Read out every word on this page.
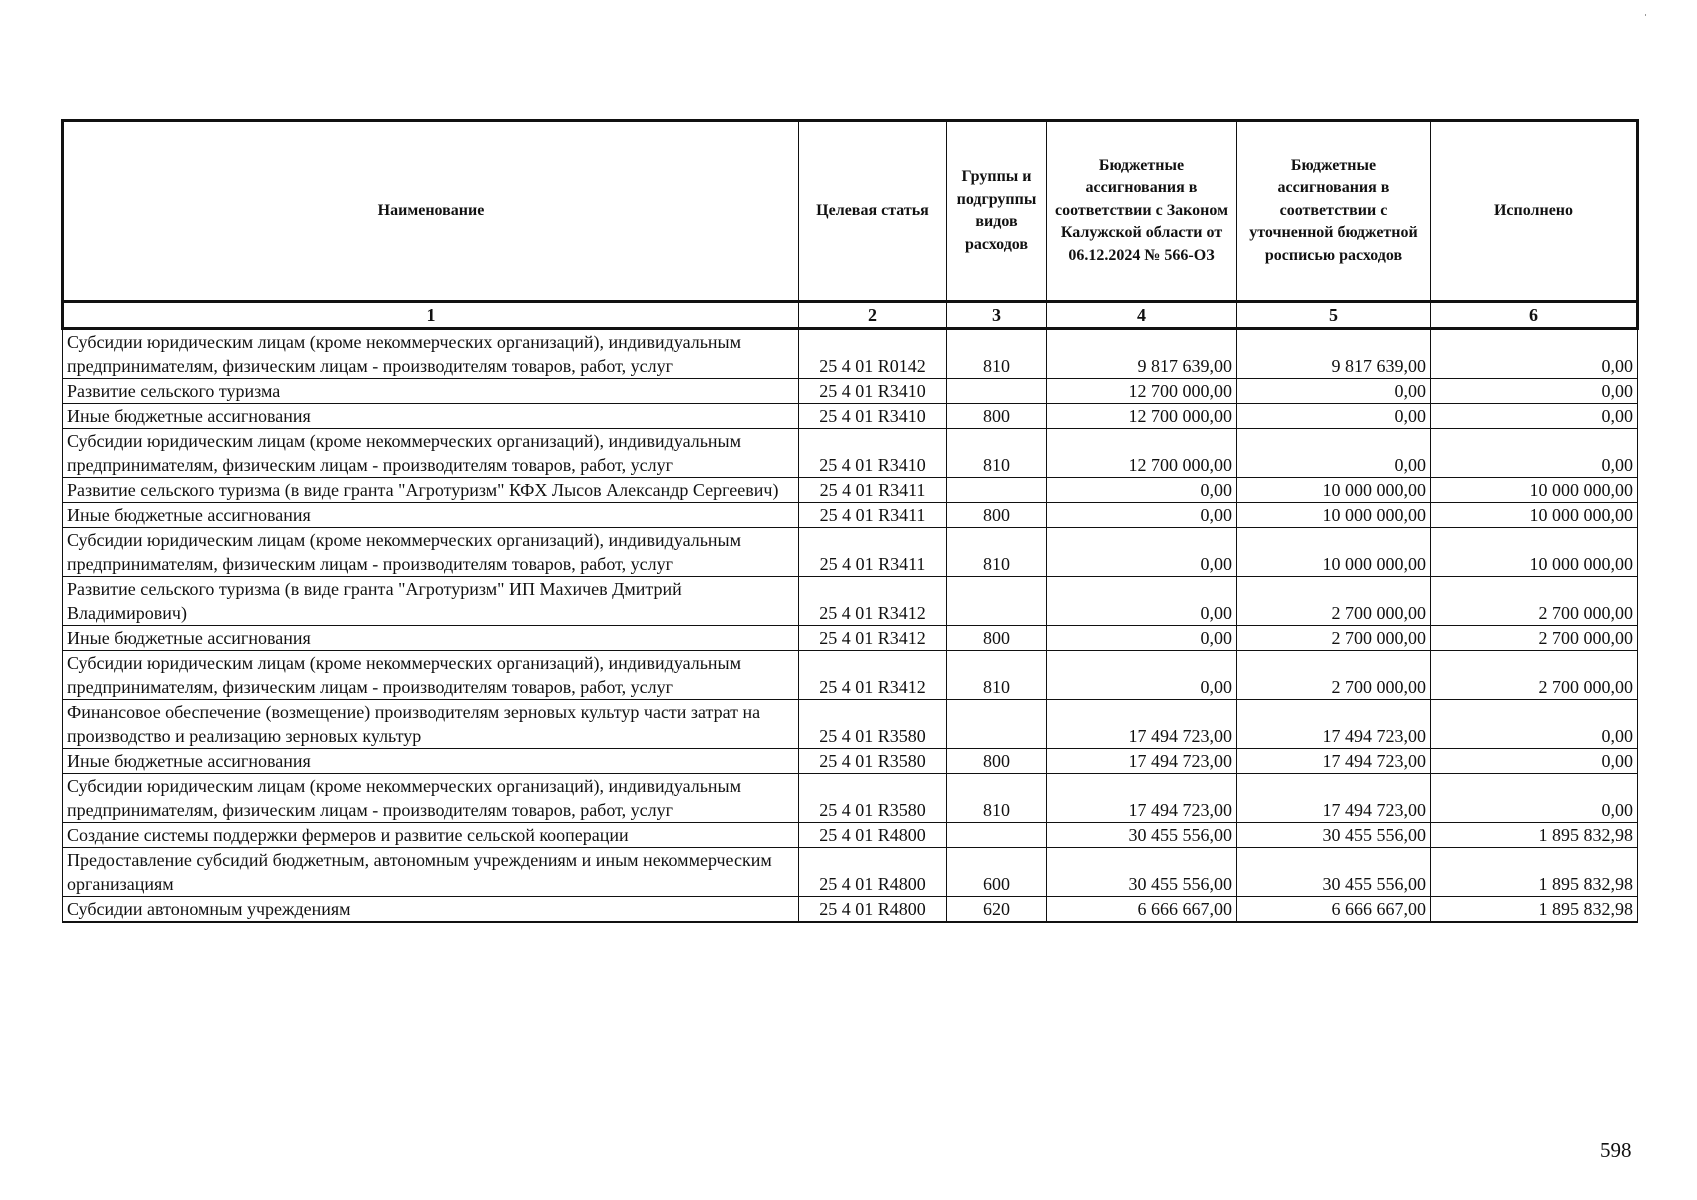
Наименование	Целевая статья	Группы и подгруппы видов расходов	Бюджетные ассигнования в соответствии с Законом Калужской области от 06.12.2024 № 566-ОЗ	Бюджетные ассигнования в соответствии с уточненной бюджетной росписью расходов	Исполнено
1	2	3	4	5	6
Субсидии юридическим лицам (кроме некоммерческих организаций), индивидуальным предпринимателям, физическим лицам - производителям товаров, работ, услуг	25 4 01 R0142	810	9 817 639,00	9 817 639,00	0,00
Развитие сельского туризма	25 4 01 R3410		12 700 000,00	0,00	0,00
Иные бюджетные ассигнования	25 4 01 R3410	800	12 700 000,00	0,00	0,00
Субсидии юридическим лицам (кроме некоммерческих организаций), индивидуальным предпринимателям, физическим лицам - производителям товаров, работ, услуг	25 4 01 R3410	810	12 700 000,00	0,00	0,00
Развитие сельского туризма (в виде гранта "Агротуризм" КФХ Лысов Александр Сергеевич)	25 4 01 R3411		0,00	10 000 000,00	10 000 000,00
Иные бюджетные ассигнования	25 4 01 R3411	800	0,00	10 000 000,00	10 000 000,00
Субсидии юридическим лицам (кроме некоммерческих организаций), индивидуальным предпринимателям, физическим лицам - производителям товаров, работ, услуг	25 4 01 R3411	810	0,00	10 000 000,00	10 000 000,00
Развитие сельского туризма (в виде гранта "Агротуризм" ИП Махичев Дмитрий Владимирович)	25 4 01 R3412		0,00	2 700 000,00	2 700 000,00
Иные бюджетные ассигнования	25 4 01 R3412	800	0,00	2 700 000,00	2 700 000,00
Субсидии юридическим лицам (кроме некоммерческих организаций), индивидуальным предпринимателям, физическим лицам - производителям товаров, работ, услуг	25 4 01 R3412	810	0,00	2 700 000,00	2 700 000,00
Финансовое обеспечение (возмещение) производителям зерновых культур части затрат на производство и реализацию зерновых культур	25 4 01 R3580		17 494 723,00	17 494 723,00	0,00
Иные бюджетные ассигнования	25 4 01 R3580	800	17 494 723,00	17 494 723,00	0,00
Субсидии юридическим лицам (кроме некоммерческих организаций), индивидуальным предпринимателям, физическим лицам - производителям товаров, работ, услуг	25 4 01 R3580	810	17 494 723,00	17 494 723,00	0,00
Создание системы поддержки фермеров и развитие сельской кооперации	25 4 01 R4800		30 455 556,00	30 455 556,00	1 895 832,98
Предоставление субсидий бюджетным, автономным учреждениям и иным некоммерческим организациям	25 4 01 R4800	600	30 455 556,00	30 455 556,00	1 895 832,98
Субсидии автономным учреждениям	25 4 01 R4800	620	6 666 667,00	6 666 667,00	1 895 832,98
598
